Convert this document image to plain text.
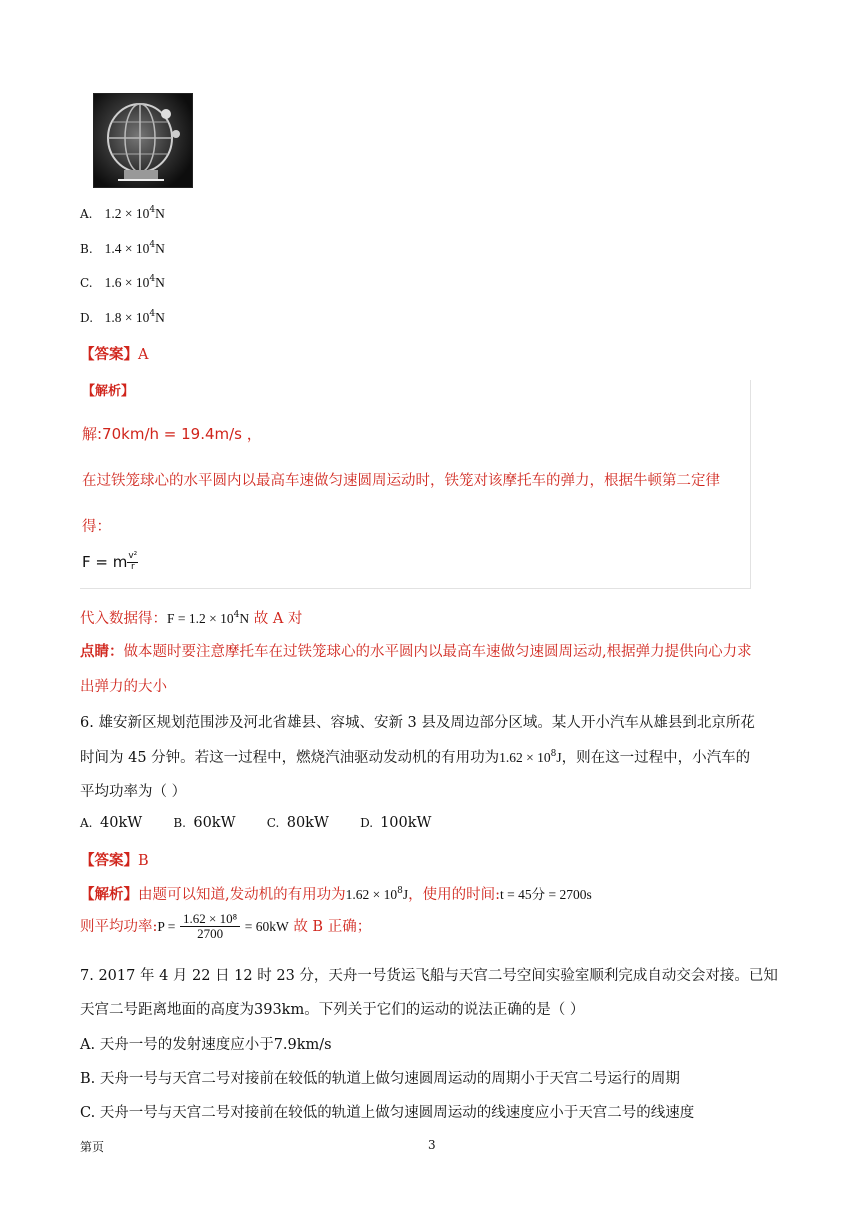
A. $1.2 \times 10^4N$
B. $1.4 \times 10^4N$
C. $1.6 \times 10^4N$
D. $1.8 \times 10^4N$
【答案】A
【解析】
解:70km/h = 19.4m/s ，
在过铁笼球心的水平圆内以最高车速做匀速圆周运动时，铁笼对该摩托车的弹力，根据牛顿第二定律
得：
F = m $\frac{\text{v²}}{r}$
代入数据得：$F = 1.2 \times 10^4N$ 故 A 对
点睛：做本题时要注意摩托车在过铁笼球心的水平圆内以最高车速做匀速圆周运动,根据弹力提供向心力求
出弹力的大小
6. 雄安新区规划范围涉及河北省雄县、容城、安新 3 县及周边部分区域。某人开小汽车从雄县到北京所花
时间为 45 分钟。若这一过程中，燃烧汽油驱动发动机的有用功为$1.62 \times 10^8J$，则在这一过程中，小汽车的
平均功率为（ ）
A. 40kW	B. 60kW	C. 80kW	D. 100kW
【答案】B
【解析】由题可以知道,发动机的有用功为$1.62 \times 10^8J$，使用的时间:t = 45分 = 2700s
则平均功率:P = $\frac{\text{1.62 × 10⁸}}{2700} = 60kW$ 故 B 正确；
7. 2017 年 4 月 22 日 12 时 23 分，天舟一号货运飞船与天宫二号空间实验室顺利完成自动交会对接。已知
天宫二号距离地面的高度为393km。下列关于它们的运动的说法正确的是（ ）
A. 天舟一号的发射速度应小于7.9km/s
B. 天舟一号与天宫二号对接前在较低的轨道上做匀速圆周运动的周期小于天宫二号运行的周期
C. 天舟一号与天宫二号对接前在较低的轨道上做匀速圆周运动的线速度应小于天宫二号的线速度
第页	3
